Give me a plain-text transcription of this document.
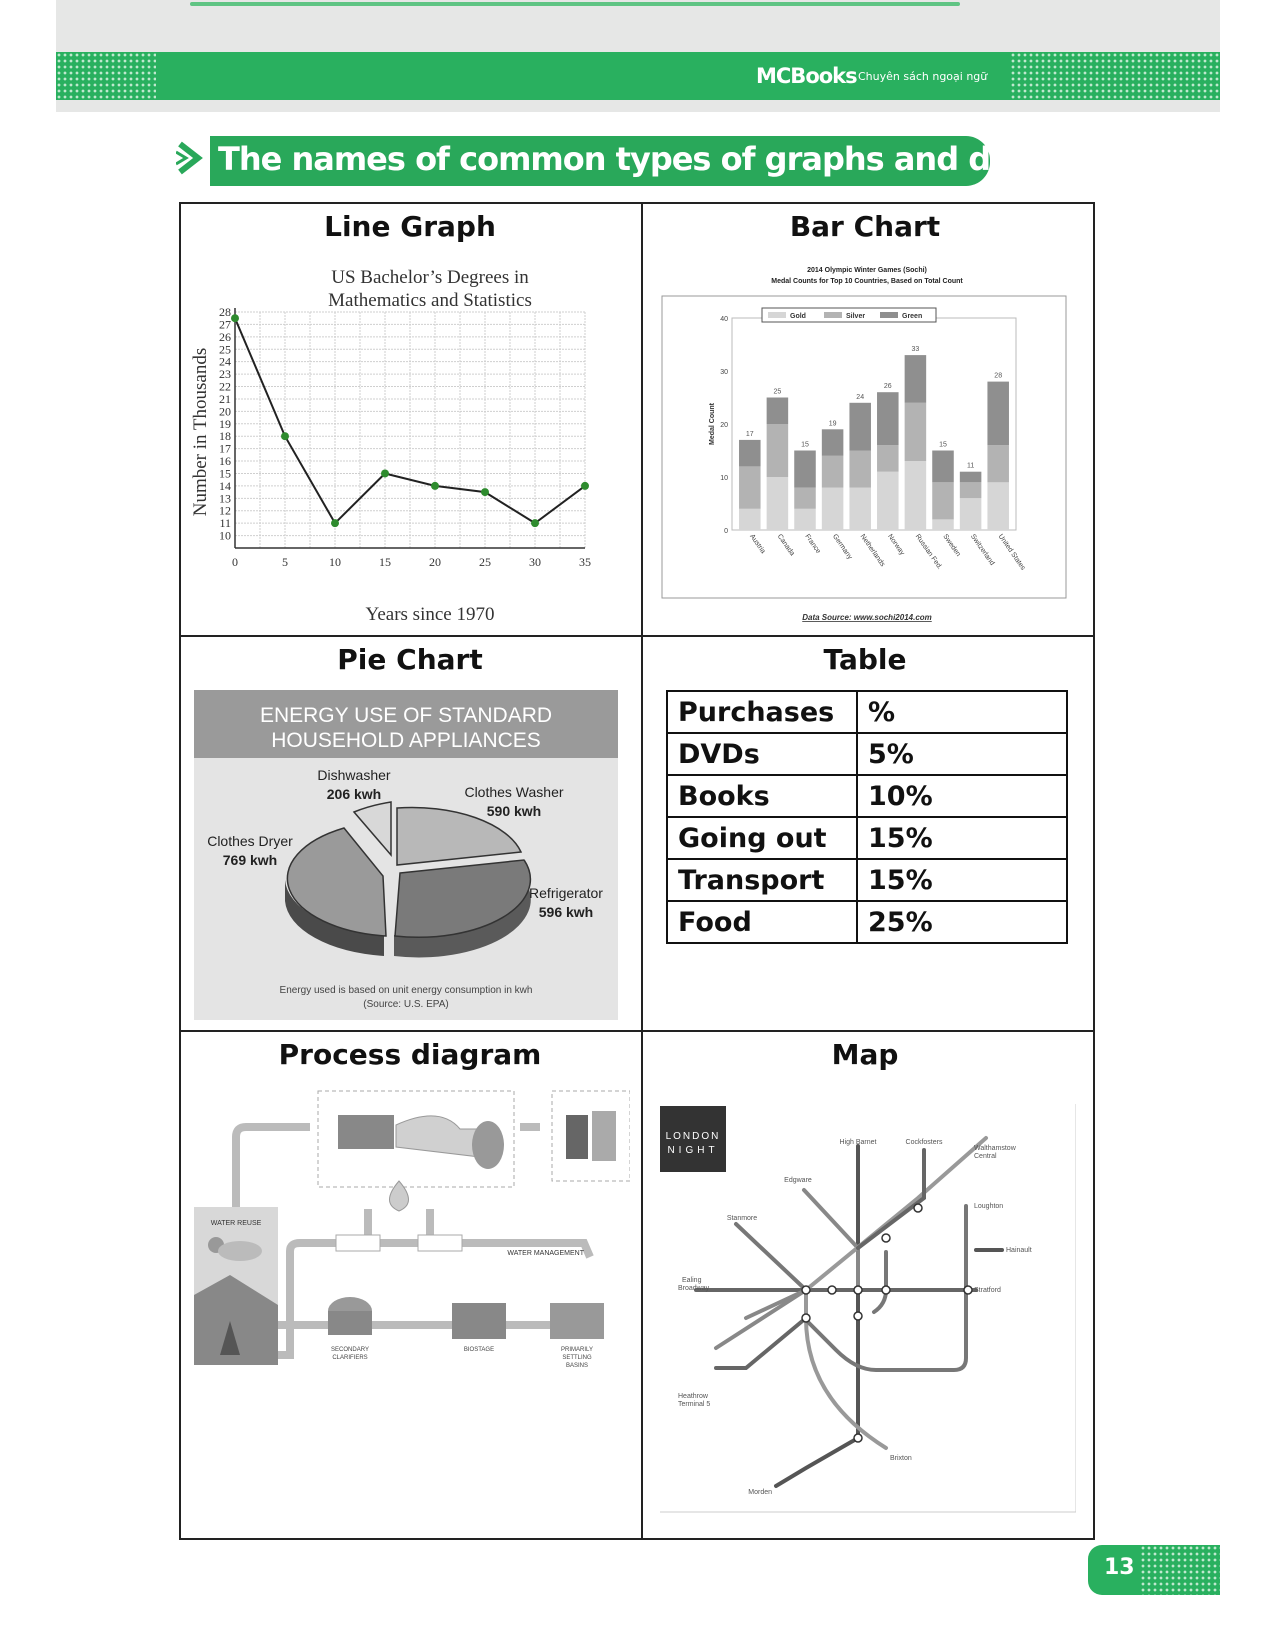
MCBooks Chuyên sách ngoại ngữ
The names of common types of graphs and diagrams
Line Graph	Bar Chart
Pie Chart	Table
Process diagram	Map
US Bachelor’s Degrees in
Mathematics and Statistics
Number in Thousands
Years since 1970
10
11
12
13
14
15
16
17
18
19
20
21
22
23
24
25
26
27
28
0	5	10	15	20	25	30	35
2014 Olympic Winter Games (Sochi)
Medal Counts for Top 10 Countries, Based on Total Count
Medal Count
Gold	Silver	Green
0
10
20
30
40
17
Austria
25
Canada
15
France
19
Germany
24
Netherlands
26
Norway
33
Russian Fed.
15
Sweden
11
Switzerland
28
United States
Data Source: www.sochi2014.com
ENERGY USE OF STANDARD
HOUSEHOLD APPLIANCES
Dishwasher
206 kwh	Clothes Washer
590 kwh
Refrigerator
596 kwh
Clothes Dryer
769 kwh
Energy used is based on unit energy consumption in kwh
(Source: U.S. EPA)
Purchases	%
DVDs	5%
Books	10%
Going out	15%
Transport	15%
Food	25%
WATER REUSE
WATER MANAGEMENT
SECONDARY
CLARIFIERS
BIOSTAGE	PRIMARILY
SETTLING
BASINS
LONDON
NIGHT
High Barnet	Cockfosters
Walthamstow
Central
Edgware
Loughton
Stanmore
Hainault
Ealing
Broadway	Stratford
Heathrow
Terminal 5
Brixton
Morden
13
